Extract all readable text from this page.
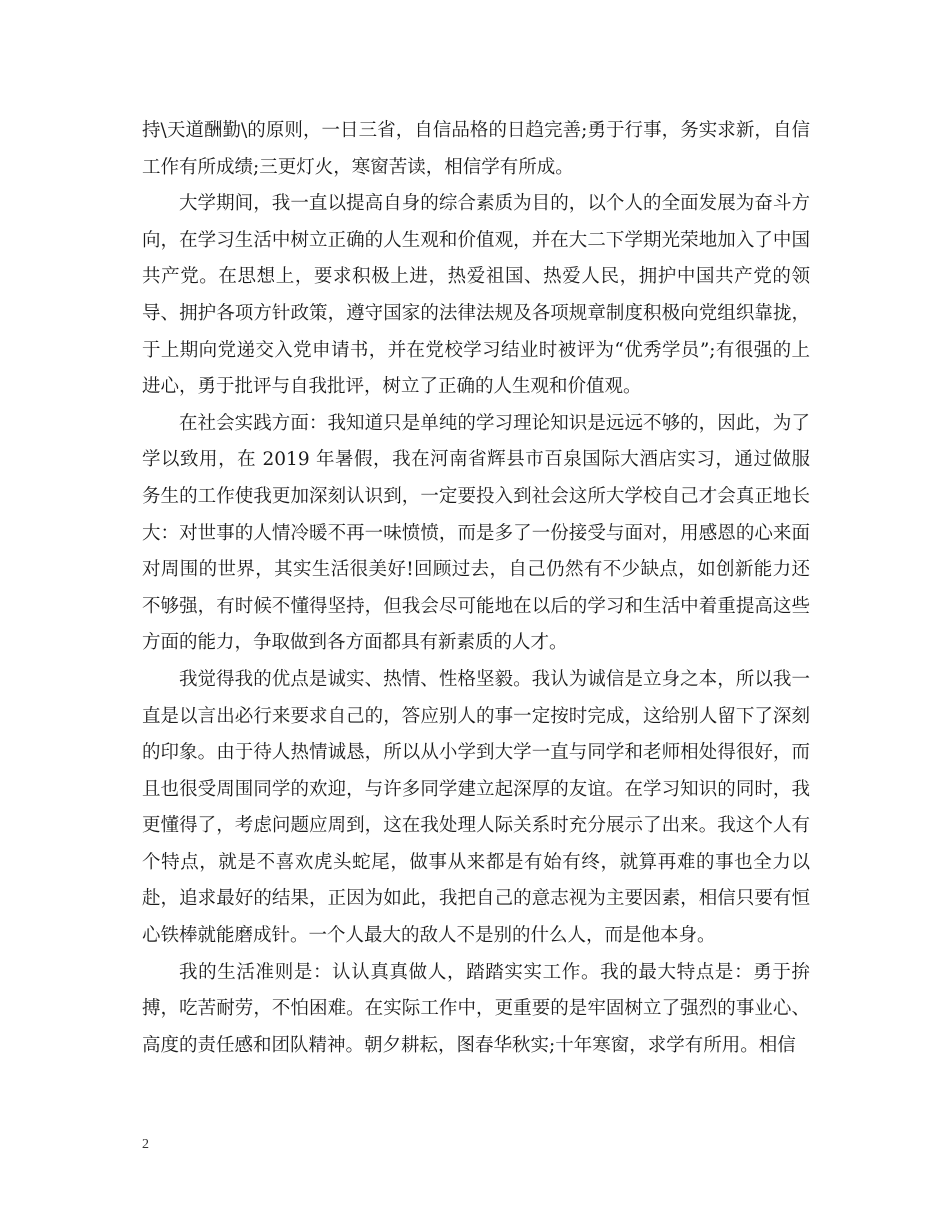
持\天道酬勤\的原则，一日三省，自信品格的日趋完善;勇于行事，务实求新，自信工作有所成绩;三更灯火，寒窗苦读，相信学有所成。

大学期间，我一直以提高自身的综合素质为目的，以个人的全面发展为奋斗方向，在学习生活中树立正确的人生观和价值观，并在大二下学期光荣地加入了中国共产党。在思想上，要求积极上进，热爱祖国、热爱人民，拥护中国共产党的领导、拥护各项方针政策，遵守国家的法律法规及各项规章制度积极向党组织靠拢，于上期向党递交入党申请书，并在党校学习结业时被评为“优秀学员”;有很强的上进心，勇于批评与自我批评，树立了正确的人生观和价值观。

在社会实践方面：我知道只是单纯的学习理论知识是远远不够的，因此，为了学以致用，在 2019 年暑假，我在河南省辉县市百泉国际大酒店实习，通过做服务生的工作使我更加深刻认识到，一定要投入到社会这所大学校自己才会真正地长大：对世事的人情冷暖不再一味愤愤，而是多了一份接受与面对，用感恩的心来面对周围的世界，其实生活很美好!回顾过去，自己仍然有不少缺点，如创新能力还不够强，有时候不懂得坚持，但我会尽可能地在以后的学习和生活中着重提高这些方面的能力，争取做到各方面都具有新素质的人才。

我觉得我的优点是诚实、热情、性格坚毅。我认为诚信是立身之本，所以我一直是以言出必行来要求自己的，答应别人的事一定按时完成，这给别人留下了深刻的印象。由于待人热情诚恳，所以从小学到大学一直与同学和老师相处得很好，而且也很受周围同学的欢迎，与许多同学建立起深厚的友谊。在学习知识的同时，我更懂得了，考虑问题应周到，这在我处理人际关系时充分展示了出来。我这个人有个特点，就是不喜欢虎头蛇尾，做事从来都是有始有终，就算再难的事也全力以赴，追求最好的结果，正因为如此，我把自己的意志视为主要因素，相信只要有恒心铁棒就能磨成针。一个人最大的敌人不是别的什么人，而是他本身。

我的生活准则是：认认真真做人，踏踏实实工作。我的最大特点是：勇于拚搏，吃苦耐劳，不怕困难。在实际工作中，更重要的是牢固树立了强烈的事业心、高度的责任感和团队精神。朝夕耕耘，图春华秋实;十年寒窗，求学有所用。相信

2
